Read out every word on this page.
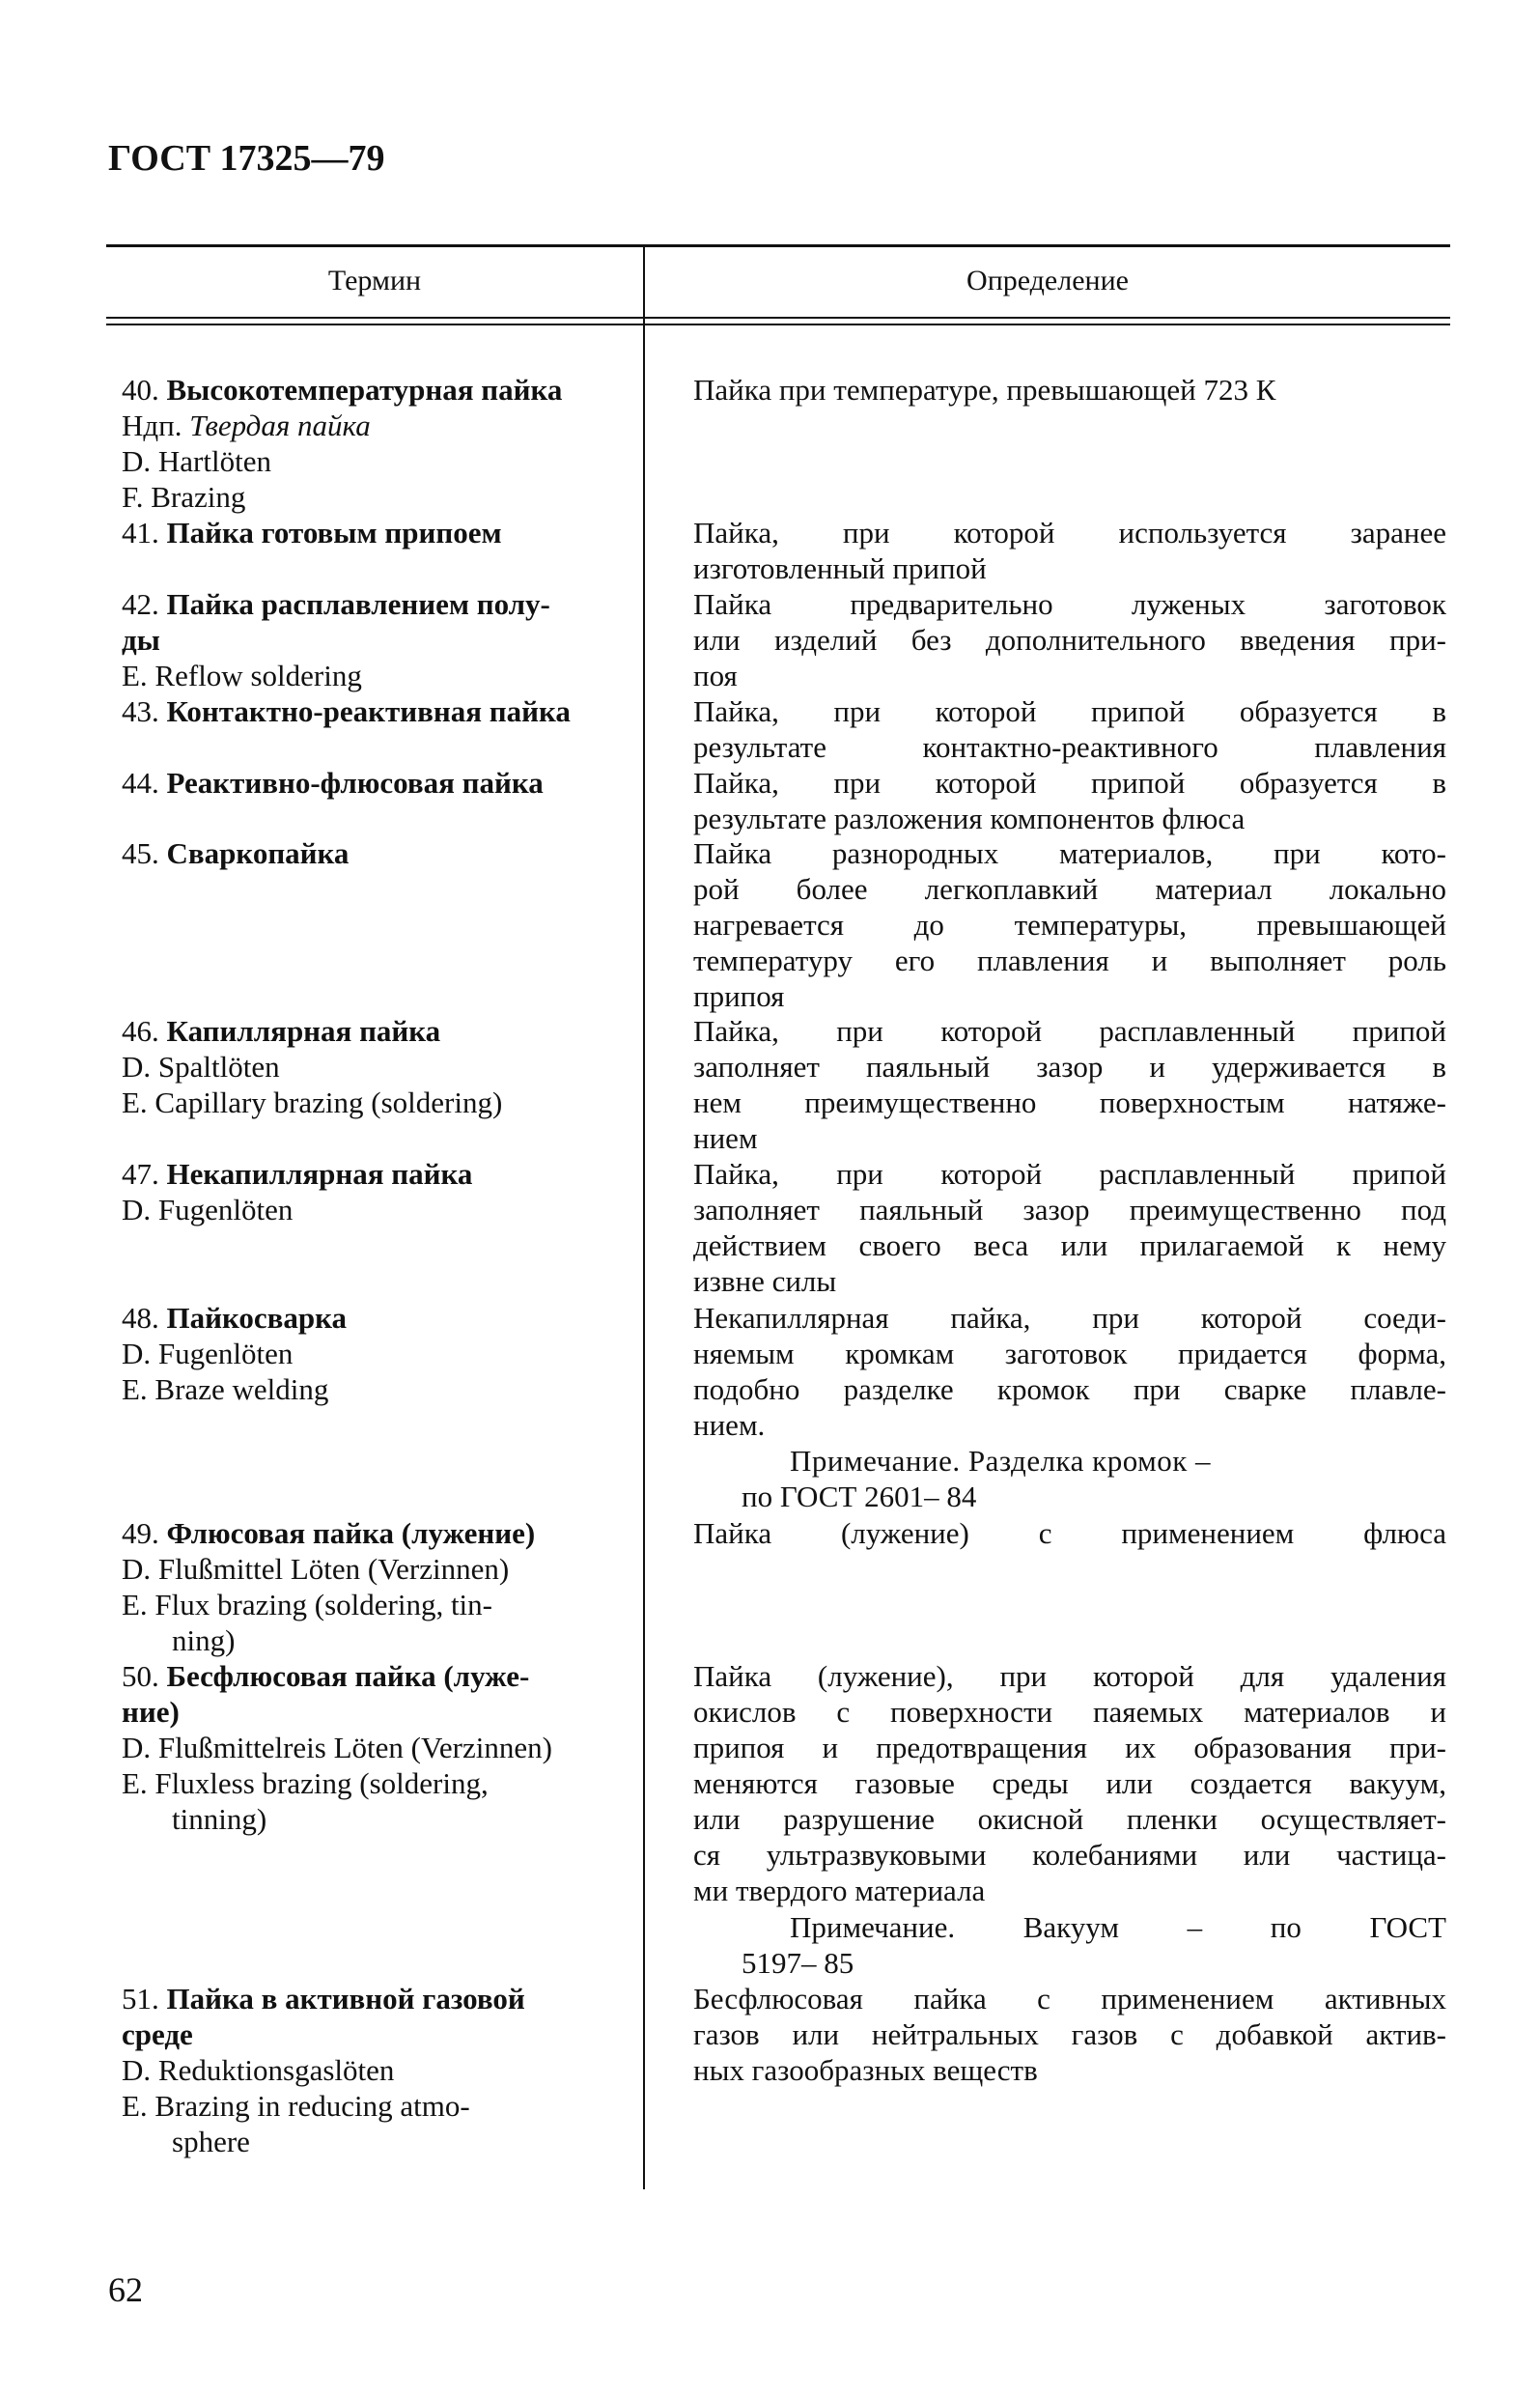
ГОСТ 17325—79
Термин	Определение
40. Высокотемпературная пайка
Ндп. Твердая пайка
D. Hartlöten
F. Brazing
41. Пайка готовым припоем
42. Пайка расплавлением полу-
ды
E. Reflow soldering
43. Контактно-реактивная пайка
44. Реактивно-флюсовая пайка
45. Сваркопайка
46. Капиллярная пайка
D. Spaltlöten
E. Capillary brazing (soldering)
47. Некапиллярная пайка
D. Fugenlöten
48. Пайкосварка
D. Fugenlöten
E. Braze welding
49. Флюсовая пайка (лужение)
D. Flußmittel Löten (Verzinnen)
E. Flux brazing (soldering, tin-
ning)
50. Бесфлюсовая пайка (луже-
ние)
D. Flußmittelreis Löten (Verzinnen)
E. Fluxless brazing (soldering,
tinning)
51. Пайка в активной газовой
среде
D. Reduktionsgaslöten
E. Brazing in reducing atmo-
sphere
Пайка при температуре, превышающей 723 К
Пайка, при которой используется заранее
изготовленный припой
Пайка предварительно луженых заготовок
или изделий без дополнительного введения при-
поя
Пайка, при которой припой образуется в
результате контактно-реактивного плавления
Пайка, при которой припой образуется в
результате разложения компонентов флюса
Пайка разнородных материалов, при кото-
рой более легкоплавкий материал локально
нагревается до температуры, превышающей
температуру его плавления и выполняет роль
припоя
Пайка, при которой расплавленный припой
заполняет паяльный зазор и удерживается в
нем преимущественно поверхностым натяже-
нием
Пайка, при которой расплавленный припой
заполняет паяльный зазор преимущественно под
действием своего веса или прилагаемой к нему
извне силы
Некапиллярная пайка, при которой соеди-
няемым кромкам заготовок придается форма,
подобно разделке кромок при сварке плавле-
нием.
Примечание. Разделка кромок –
по ГОСТ 2601– 84
Пайка (лужение) с применением флюса
Пайка (лужение), при которой для удаления
окислов с поверхности паяемых материалов и
припоя и предотвращения их образования при-
меняются газовые среды или создается вакуум,
или разрушение окисной пленки осуществляет-
ся ультразвуковыми колебаниями или частица-
ми твердого материала
Примечание. Вакуум – по ГОСТ
5197– 85
Бесфлюсовая пайка с применением активных
газов или нейтральных газов с добавкой актив-
ных газообразных веществ
62
